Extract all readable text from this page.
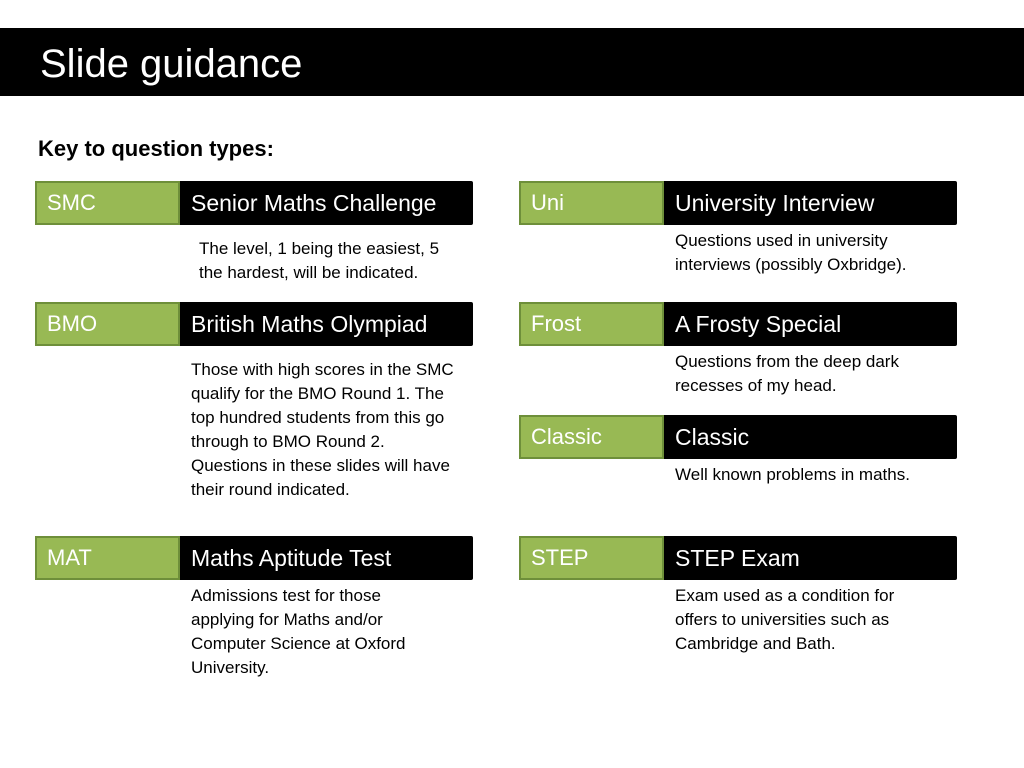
Slide guidance
Key to question types:
SMC	Senior Maths Challenge
The level, 1 being the easiest, 5
the hardest, will be indicated.
BMO	British Maths Olympiad
Those with high scores in the SMC
qualify for the BMO Round 1. The
top hundred students from this go
through to BMO Round 2.
Questions in these slides will have
their round indicated.
MAT	Maths Aptitude Test
Admissions test for those
applying for Maths and/or
Computer Science at Oxford
University.
Uni	University Interview
Questions used in university
interviews (possibly Oxbridge).
Frost	A Frosty Special
Questions from the deep dark
recesses of my head.
Classic	Classic
Well known problems in maths.
STEP	STEP Exam
Exam used as a condition for
offers to universities such as
Cambridge and Bath.
